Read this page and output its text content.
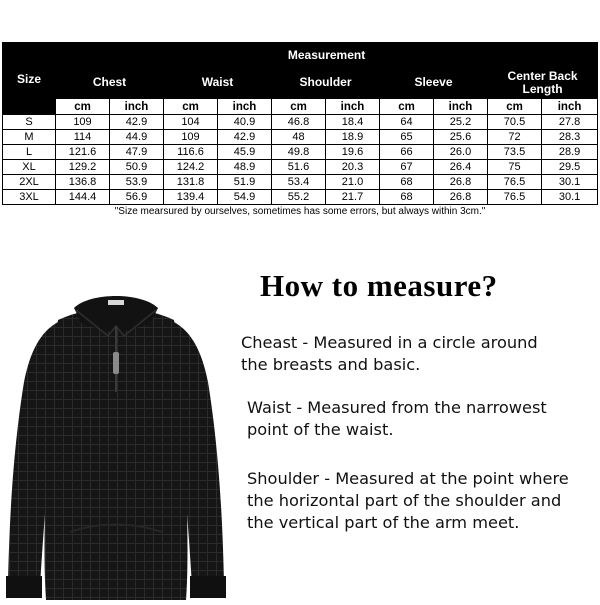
Size	Measurement									
	Chest		Waist		Shoulder		Sleeve		Center Back Length	
	cm	inch	cm	inch	cm	inch	cm	inch	cm	inch
S	109	42.9	104	40.9	46.8	18.4	64	25.2	70.5	27.8
M	114	44.9	109	42.9	48	18.9	65	25.6	72	28.3
L	121.6	47.9	116.6	45.9	49.8	19.6	66	26.0	73.5	28.9
XL	129.2	50.9	124.2	48.9	51.6	20.3	67	26.4	75	29.5
2XL	136.8	53.9	131.8	51.9	53.4	21.0	68	26.8	76.5	30.1
3XL	144.4	56.9	139.4	54.9	55.2	21.7	68	26.8	76.5	30.1
"Size mearsured by ourselves, sometimes has some errors, but always within 3cm."										
How to measure?
Cheast - Measured in a circle around
the breasts and basic.
Waist - Measured from the narrowest
point of the waist.
Shoulder - Measured at the point where
the horizontal part of the shoulder and
the vertical part of the arm meet.
